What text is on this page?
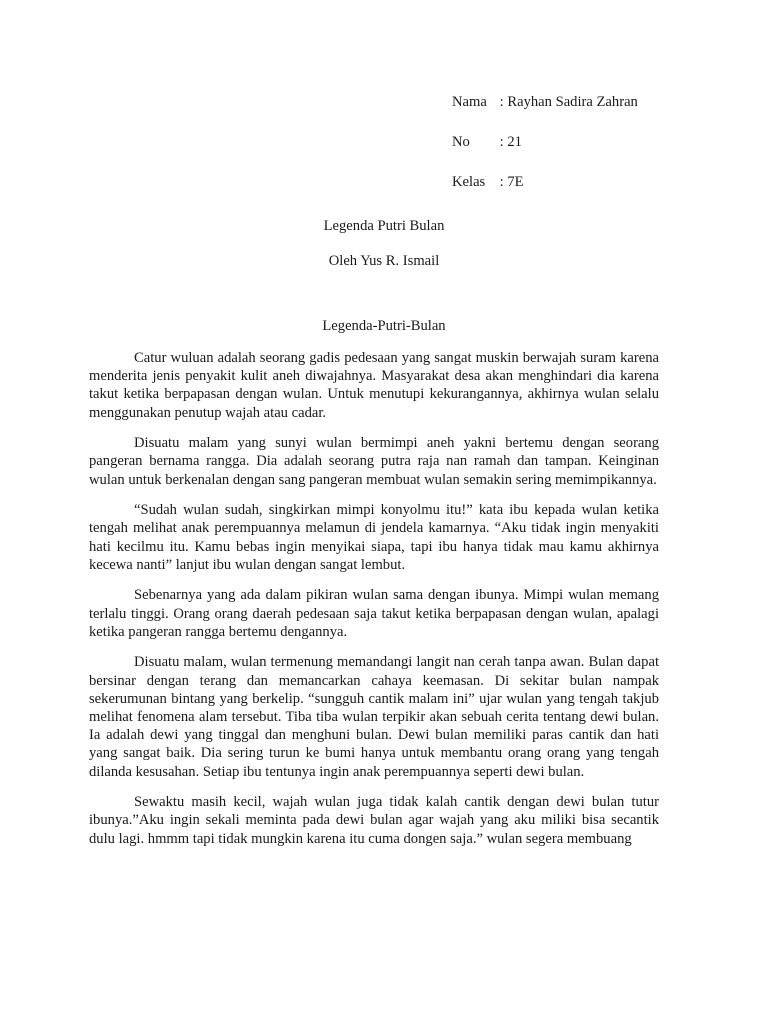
Nama : Rayhan Sadira Zahran
No : 21
Kelas : 7E
Legenda Putri Bulan
Oleh Yus R. Ismail
Legenda-Putri-Bulan

Catur wuluan adalah seorang gadis pedesaan yang sangat muskin berwajah suram karena menderita jenis penyakit kulit aneh diwajahnya. Masyarakat desa akan menghindari dia karena takut ketika berpapasan dengan wulan. Untuk menutupi kekurangannya, akhirnya wulan selalu menggunakan penutup wajah atau cadar.

Disuatu malam yang sunyi wulan bermimpi aneh yakni bertemu dengan seorang pangeran bernama rangga. Dia adalah seorang putra raja nan ramah dan tampan. Keinginan wulan untuk berkenalan dengan sang pangeran membuat wulan semakin sering memimpikannya.

“Sudah wulan sudah, singkirkan mimpi konyolmu itu!” kata ibu kepada wulan ketika tengah melihat anak perempuannya melamun di jendela kamarnya. “Aku tidak ingin menyakiti hati kecilmu itu. Kamu bebas ingin menyikai siapa, tapi ibu hanya tidak mau kamu akhirnya kecewa nanti” lanjut ibu wulan dengan sangat lembut.

Sebenarnya yang ada dalam pikiran wulan sama dengan ibunya. Mimpi wulan memang terlalu tinggi. Orang orang daerah pedesaan saja takut ketika berpapasan dengan wulan, apalagi ketika pangeran rangga bertemu dengannya.

Disuatu malam, wulan termenung memandangi langit nan cerah tanpa awan. Bulan dapat bersinar dengan terang dan memancarkan cahaya keemasan. Di sekitar bulan nampak sekerumunan bintang yang berkelip. “sungguh cantik malam ini” ujar wulan yang tengah takjub melihat fenomena alam tersebut. Tiba tiba wulan terpikir akan sebuah cerita tentang dewi bulan. Ia adalah dewi yang tinggal dan menghuni bulan. Dewi bulan memiliki paras cantik dan hati yang sangat baik. Dia sering turun ke bumi hanya untuk membantu orang orang yang tengah dilanda kesusahan. Setiap ibu tentunya ingin anak perempuannya seperti dewi bulan.

Sewaktu masih kecil, wajah wulan juga tidak kalah cantik dengan dewi bulan tutur ibunya.”Aku ingin sekali meminta pada dewi bulan agar wajah yang aku miliki bisa secantik dulu lagi. hmmm tapi tidak mungkin karena itu cuma dongen saja.” wulan segera membuang
